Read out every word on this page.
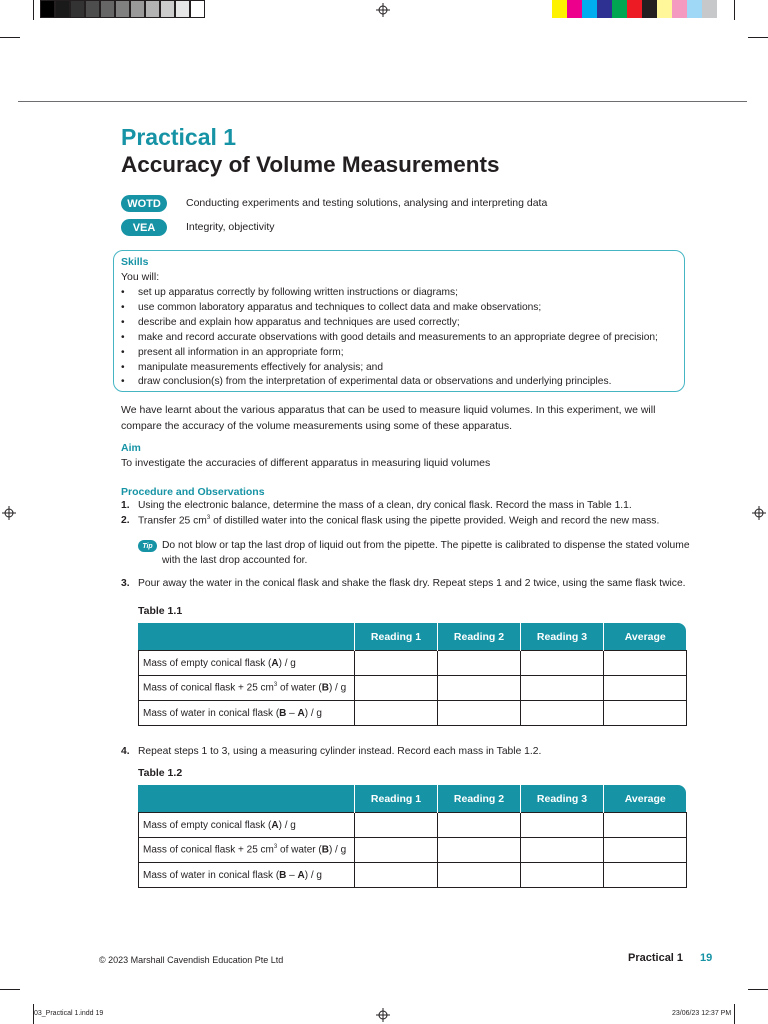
Practical 1
Accuracy of Volume Measurements
WOTD	Conducting experiments and testing solutions, analysing and interpreting data
VEA	Integrity, objectivity
Skills
You will:
• set up apparatus correctly by following written instructions or diagrams;
• use common laboratory apparatus and techniques to collect data and make observations;
• describe and explain how apparatus and techniques are used correctly;
• make and record accurate observations with good details and measurements to an appropriate degree of precision;
• present all information in an appropriate form;
• manipulate measurements effectively for analysis; and
• draw conclusion(s) from the interpretation of experimental data or observations and underlying principles.
We have learnt about the various apparatus that can be used to measure liquid volumes. In this experiment, we will compare the accuracy of the volume measurements using some of these apparatus.
Aim
To investigate the accuracies of different apparatus in measuring liquid volumes
Procedure and Observations
1. Using the electronic balance, determine the mass of a clean, dry conical flask. Record the mass in Table 1.1.
2. Transfer 25 $cm^3$ of distilled water into the conical flask using the pipette provided. Weigh and record the new mass.
Tip Do not blow or tap the last drop of liquid out from the pipette. The pipette is calibrated to dispense the stated volume with the last drop accounted for.
3. Pour away the water in the conical flask and shake the flask dry. Repeat steps 1 and 2 twice, using the same flask twice.
Table 1.1
	Reading 1	Reading 2	Reading 3	Average
Mass of empty conical flask (A) / g				
Mass of conical flask + 25 $cm^3$ of water (B) / g				
Mass of water in conical flask (B – A) / g				
4. Repeat steps 1 to 3, using a measuring cylinder instead. Record each mass in Table 1.2.
Table 1.2
	Reading 1	Reading 2	Reading 3	Average
Mass of empty conical flask (A) / g				
Mass of conical flask + 25 $cm^3$ of water (B) / g				
Mass of water in conical flask (B – A) / g				
© 2023 Marshall Cavendish Education Pte Ltd	Practical 1 19
03_Practical 1.indd 19	23/06/23 12:37 PM
